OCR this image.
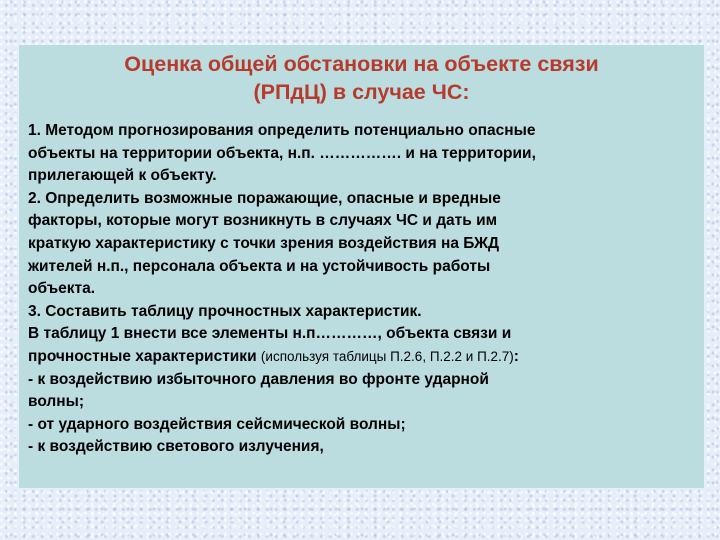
Оценка общей обстановки на объекте связи
(РПдЦ) в случае ЧС:
1. Методом прогнозирования определить потенциально опасные
объекты на территории объекта, н.п. ……………. и на территории,
прилегающей к объекту.
2. Определить возможные поражающие, опасные и вредные
факторы, которые могут возникнуть в случаях ЧС и дать им
краткую характеристику с точки зрения воздействия на БЖД
жителей н.п., персонала объекта и на устойчивость работы
объекта.
3. Составить таблицу прочностных характеристик.
В таблицу 1 внести все элементы н.п…………, объекта связи и
прочностные характеристики (используя таблицы П.2.6, П.2.2 и П.2.7):
- к воздействию избыточного давления во фронте ударной
волны;
- от ударного воздействия сейсмической волны;
- к воздействию светового излучения,
